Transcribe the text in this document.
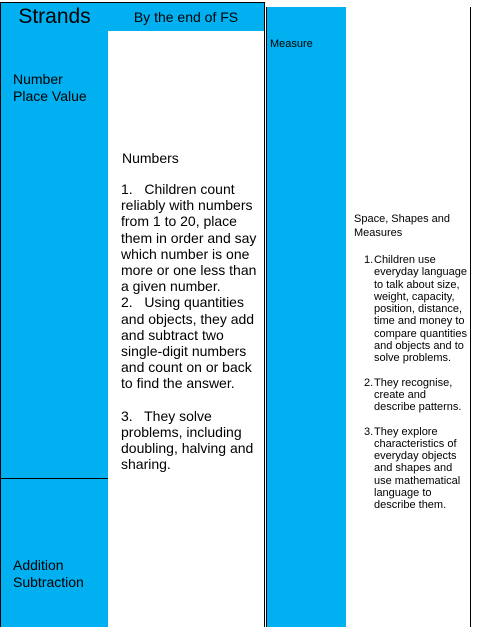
Strands	By the end of FS
Number
Place Value
Addition
Subtraction
Numbers
1. Children count reliably with numbers from 1 to 20, place them in order and say which number is one more or one less than a given number.
2. Using quantities and objects, they add and subtract two single-digit numbers and count on or back to find the answer.
3. They solve problems, including doubling, halving and sharing.
Measure
Space, Shapes and Measures
1. Children use everyday language to talk about size, weight, capacity, position, distance, time and money to compare quantities and objects and to solve problems.
2. They recognise, create and describe patterns.
3. They explore characteristics of everyday objects and shapes and use mathematical language to describe them.
